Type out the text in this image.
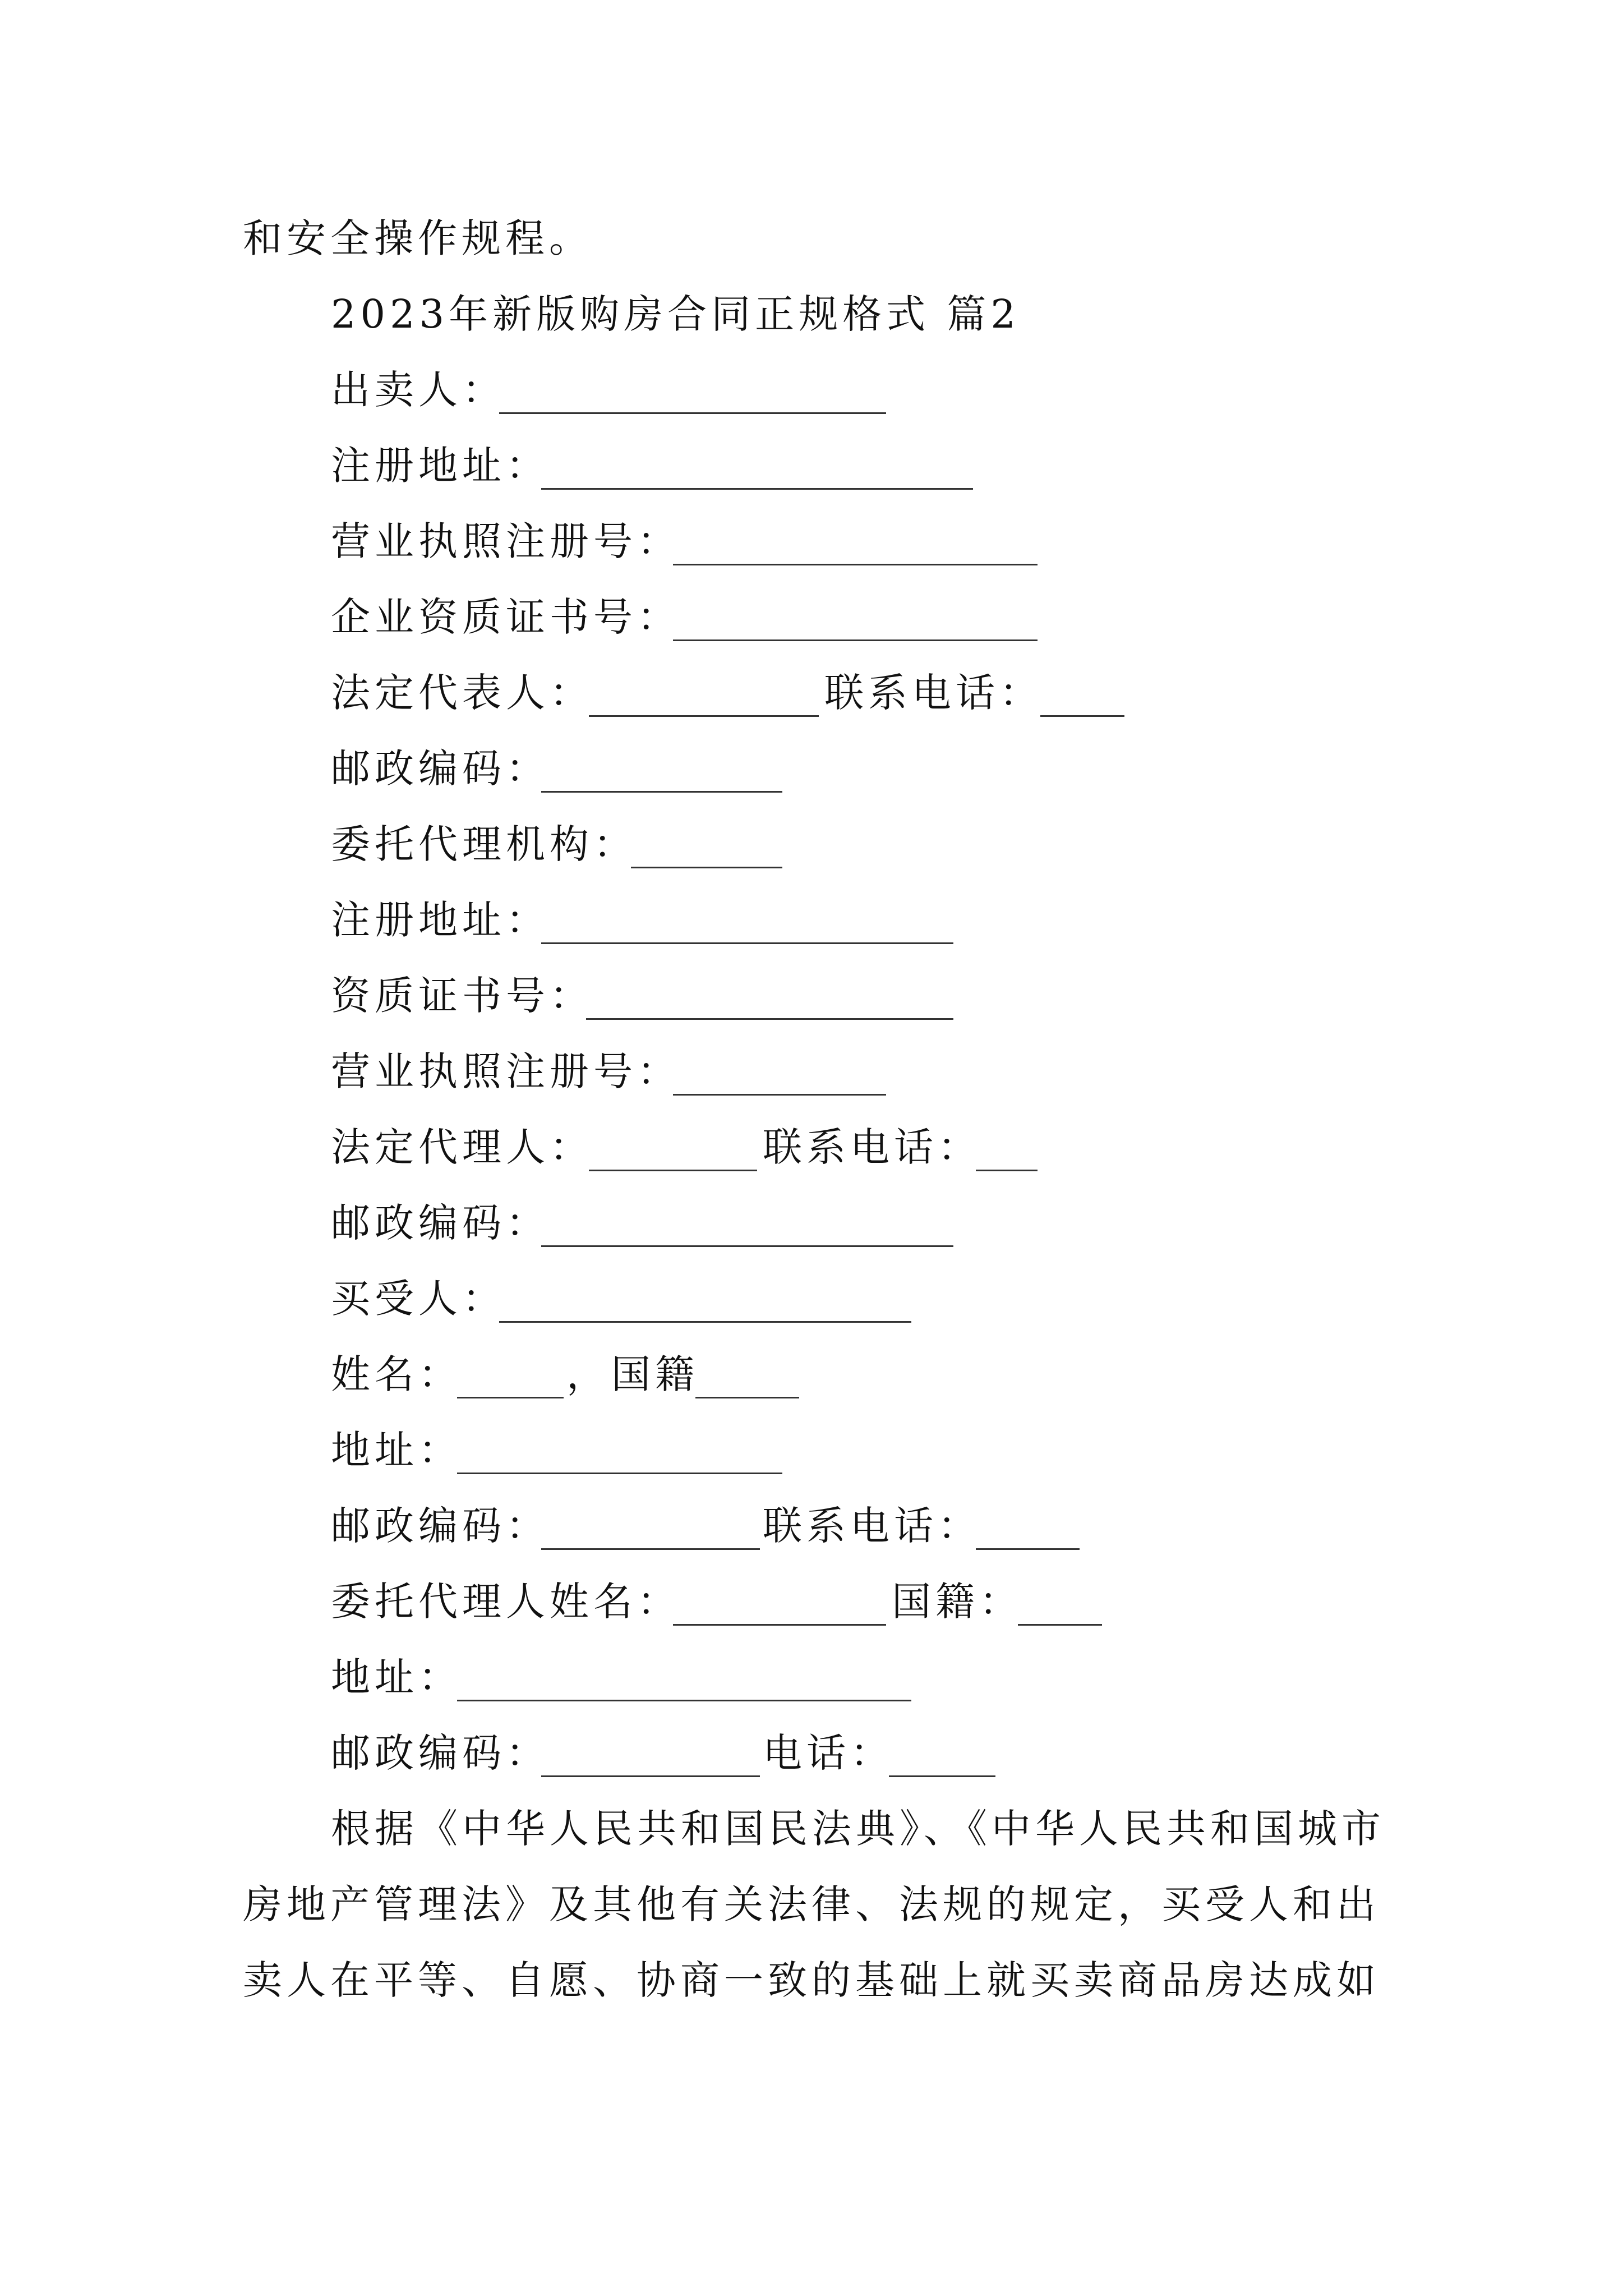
和安全操作规程。
2023年新版购房合同正规格式 篇2
出卖人：
注册地址：
营业执照注册号：
企业资质证书号：
法定代表人：	联系电话：
邮政编码：
委托代理机构：
注册地址：
资质证书号：
营业执照注册号：
法定代理人：	联系电话：
邮政编码：
买受人：
姓名：	， 国籍
地址：
邮政编码：	联系电话：
委托代理人姓名：	国籍：
地址：
邮政编码：	电话：
根据《中华人民共和国民法典》、《中华人民共和国城市
房地产管理法》及其他有关法律、法规的规定，买受人和出
卖人在平等、自愿、协商一致的基础上就买卖商品房达成如
